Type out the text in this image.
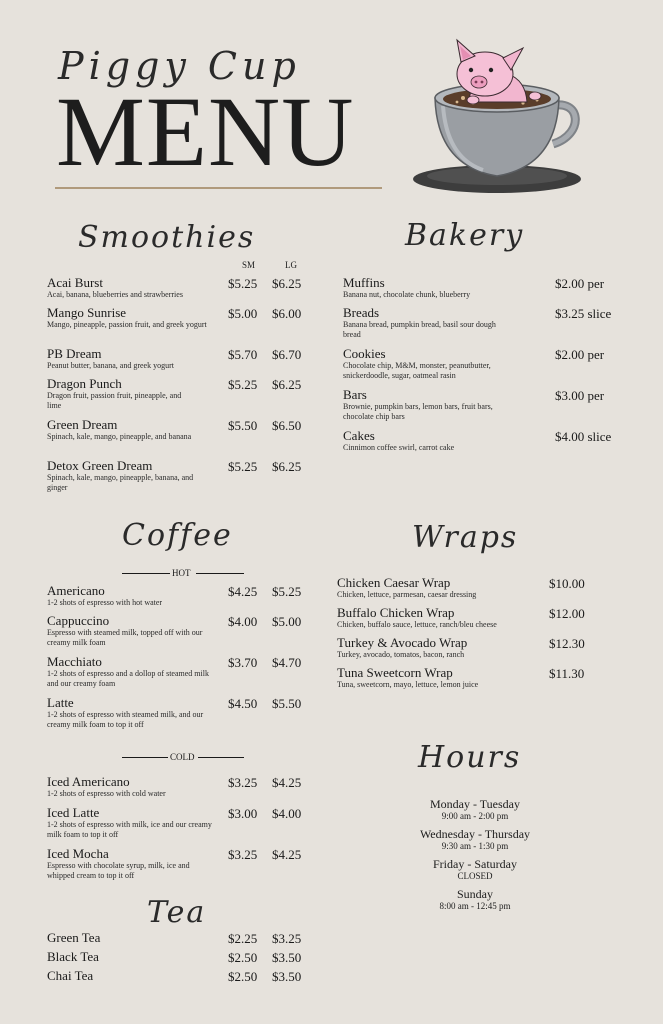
Piggy Cup
MENU
Smoothies
SM	LG
Acai Burst
Acai, banana, blueberries and strawberries
$5.25 $6.25
Mango Sunrise
Mango, pineapple, passion fruit, and greek yogurt
$5.00 $6.00
PB Dream
Peanut butter, banana, and greek yogurt
$5.70 $6.70
Dragon Punch
Dragon fruit, passion fruit, pineapple, and lime
$5.25 $6.25
Green Dream
Spinach, kale, mango, pineapple, and banana
$5.50 $6.50
Detox Green Dream
Spinach, kale, mango, pineapple, banana, and ginger
$5.25 $6.25
Bakery
Muffins
Banana nut, chocolate chunk, blueberry
$2.00 per
Breads
Banana bread, pumpkin bread, basil sour dough bread
$3.25 slice
Cookies
Chocolate chip, M&M, monster, peanutbutter, snickerdoodle, sugar, oatmeal rasin
$2.00 per
Bars
Brownie, pumpkin bars, lemon bars, fruit bars, chocolate chip bars
$3.00 per
Cakes
Cinnimon coffee swirl, carrot cake
$4.00 slice
Coffee
HOT
Americano
1-2 shots of espresso with hot water
$4.25 $5.25
Cappuccino
Espresso with steamed milk, topped off with our creamy milk foam
$4.00 $5.00
Macchiato
1-2 shots of espresso and a dollop of steamed milk and our creamy foam
$3.70 $4.70
Latte
1-2 shots of espresso with steamed milk, and our creamy milk foam to top it off
$4.50 $5.50
COLD
Iced Americano
1-2 shots of espresso with cold water
$3.25 $4.25
Iced Latte
1-2 shots of espresso with milk, ice and our creamy milk foam to top it off
$3.00 $4.00
Iced Mocha
Espresso with chocolate syrup, milk, ice and whipped cream to top it off
$3.25 $4.25
Tea
Green Tea	$2.25 $3.25
Black Tea	$2.50 $3.50
Chai Tea	$2.50 $3.50
Wraps
Chicken Caesar Wrap
Chicken, lettuce, parmesan, caesar dressing
$10.00
Buffalo Chicken Wrap
Chicken, buffalo sauce, lettuce, ranch/bleu cheese
$12.00
Turkey & Avocado Wrap
Turkey, avocado, tomatos, bacon, ranch
$12.30
Tuna Sweetcorn Wrap
Tuna, sweetcorn, mayo, lettuce, lemon juice
$11.30
Hours
Monday - Tuesday
9:00 am - 2:00 pm
Wednesday - Thursday
9:30 am - 1:30 pm
Friday - Saturday
CLOSED
Sunday
8:00 am - 12:45 pm
